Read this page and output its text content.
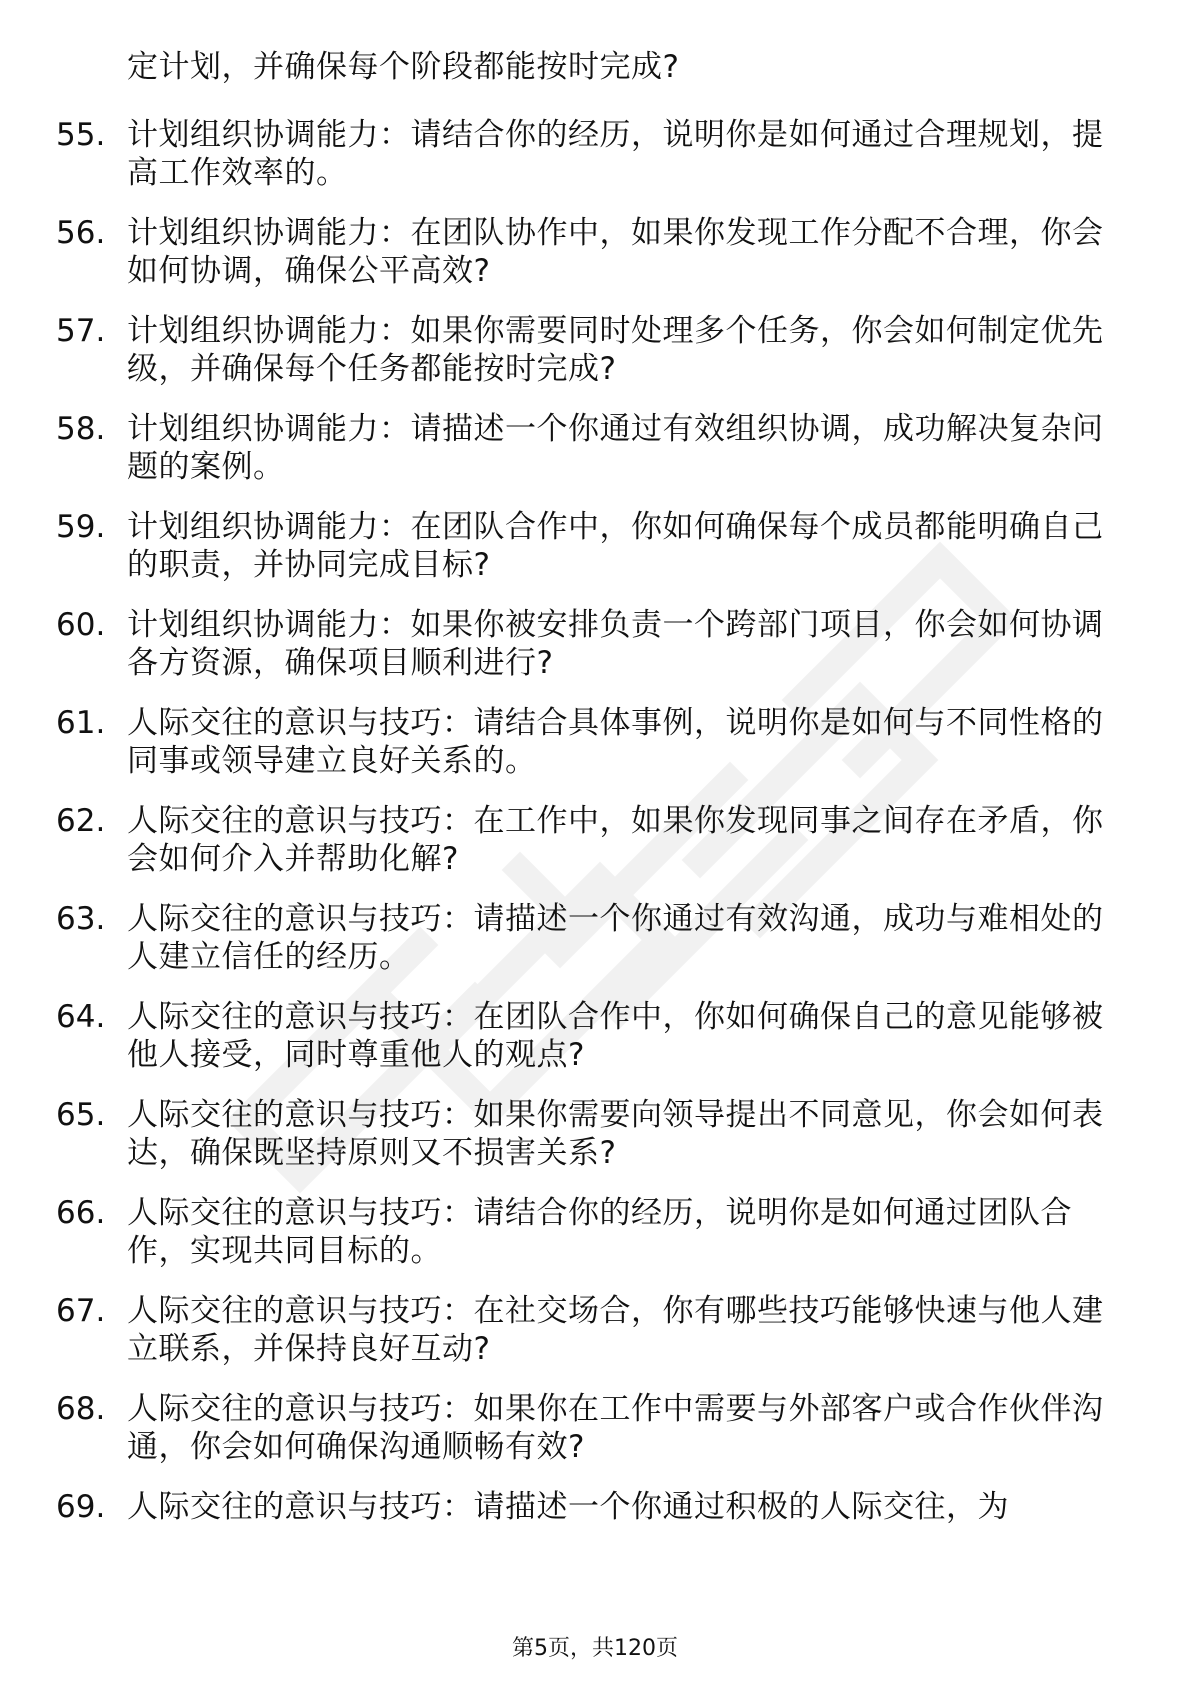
定计划，并确保每个阶段都能按时完成?
55. 计划组织协调能力：请结合你的经历，说明你是如何通过合理规划，提高工作效率的。
56. 计划组织协调能力：在团队协作中，如果你发现工作分配不合理，你会如何协调，确保公平高效?
57. 计划组织协调能力：如果你需要同时处理多个任务，你会如何制定优先级，并确保每个任务都能按时完成?
58. 计划组织协调能力：请描述一个你通过有效组织协调，成功解决复杂问题的案例。
59. 计划组织协调能力：在团队合作中，你如何确保每个成员都能明确自己的职责，并协同完成目标?
60. 计划组织协调能力：如果你被安排负责一个跨部门项目，你会如何协调各方资源，确保项目顺利进行?
61. 人际交往的意识与技巧：请结合具体事例，说明你是如何与不同性格的同事或领导建立良好关系的。
62. 人际交往的意识与技巧：在工作中，如果你发现同事之间存在矛盾，你会如何介入并帮助化解?
63. 人际交往的意识与技巧：请描述一个你通过有效沟通，成功与难相处的人建立信任的经历。
64. 人际交往的意识与技巧：在团队合作中，你如何确保自己的意见能够被他人接受，同时尊重他人的观点?
65. 人际交往的意识与技巧：如果你需要向领导提出不同意见，你会如何表达，确保既坚持原则又不损害关系?
66. 人际交往的意识与技巧：请结合你的经历，说明你是如何通过团队合作，实现共同目标的。
67. 人际交往的意识与技巧：在社交场合，你有哪些技巧能够快速与他人建立联系，并保持良好互动?
68. 人际交往的意识与技巧：如果你在工作中需要与外部客户或合作伙伴沟通，你会如何确保沟通顺畅有效?
69. 人际交往的意识与技巧：请描述一个你通过积极的人际交往，为
第5页，共120页
